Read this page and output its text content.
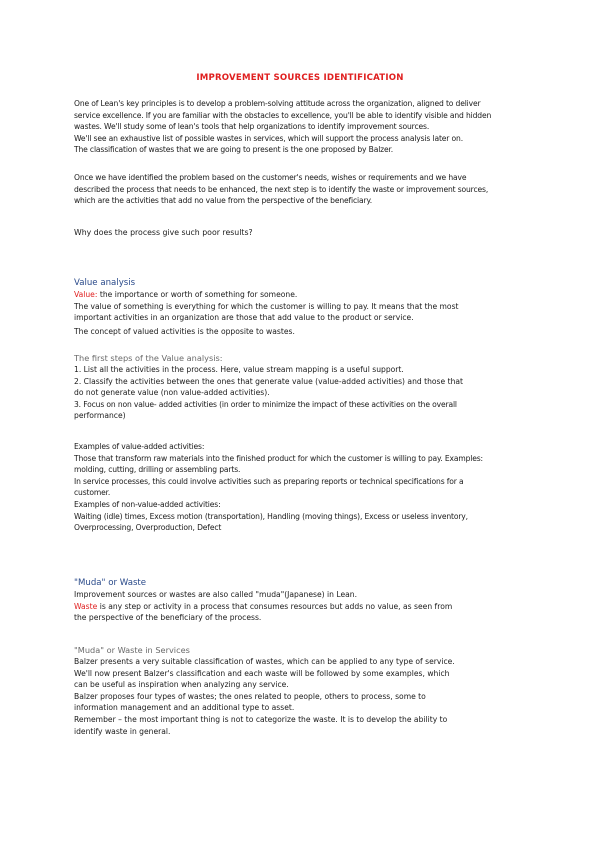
IMPROVEMENT SOURCES IDENTIFICATION

One of Lean's key principles is to develop a problem-solving attitude across the organization, aligned to deliver

service excellence. If you are familiar with the obstacles to excellence, you'll be able to identify visible and hidden

wastes. We'll study some of lean's tools that help organizations to identify improvement sources.

We'll see an exhaustive list of possible wastes in services, which will support the process analysis later on.

The classification of wastes that we are going to present is the one proposed by Balzer.

Once we have identified the problem based on the customer's needs, wishes or requirements and we have

described the process that needs to be enhanced, the next step is to identify the waste or improvement sources,

which are the activities that add no value from the perspective of the beneficiary.

Why does the process give such poor results?

Value analysis

Value: the importance or worth of something for someone.

The value of something is everything for which the customer is willing to pay. It means that the most

important activities in an organization are those that add value to the product or service.

The concept of valued activities is the opposite to wastes.

The first steps of the Value analysis:

1. List all the activities in the process. Here, value stream mapping is a useful support.

2. Classify the activities between the ones that generate value (value-added activities) and those that

do not generate value (non value-added activities).

3. Focus on non value- added activities (in order to minimize the impact of these activities on the overall

performance)

Examples of value-added activities:

Those that transform raw materials into the finished product for which the customer is willing to pay. Examples:

molding, cutting, drilling or assembling parts.

In service processes, this could involve activities such as preparing reports or technical specifications for a

customer.

Examples of non-value-added activities:

Waiting (idle) times, Excess motion (transportation), Handling (moving things), Excess or useless inventory,

Overprocessing, Overproduction, Defect

"Muda" or Waste

Improvement sources or wastes are also called "muda"(Japanese) in Lean.

Waste is any step or activity in a process that consumes resources but adds no value, as seen from

the perspective of the beneficiary of the process.

"Muda" or Waste in Services

Balzer presents a very suitable classification of wastes, which can be applied to any type of service.

We'll now present Balzer's classification and each waste will be followed by some examples, which

can be useful as inspiration when analyzing any service.

Balzer proposes four types of wastes; the ones related to people, others to process, some to

information management and an additional type to asset.

Remember – the most important thing is not to categorize the waste. It is to develop the ability to

identify waste in general.
